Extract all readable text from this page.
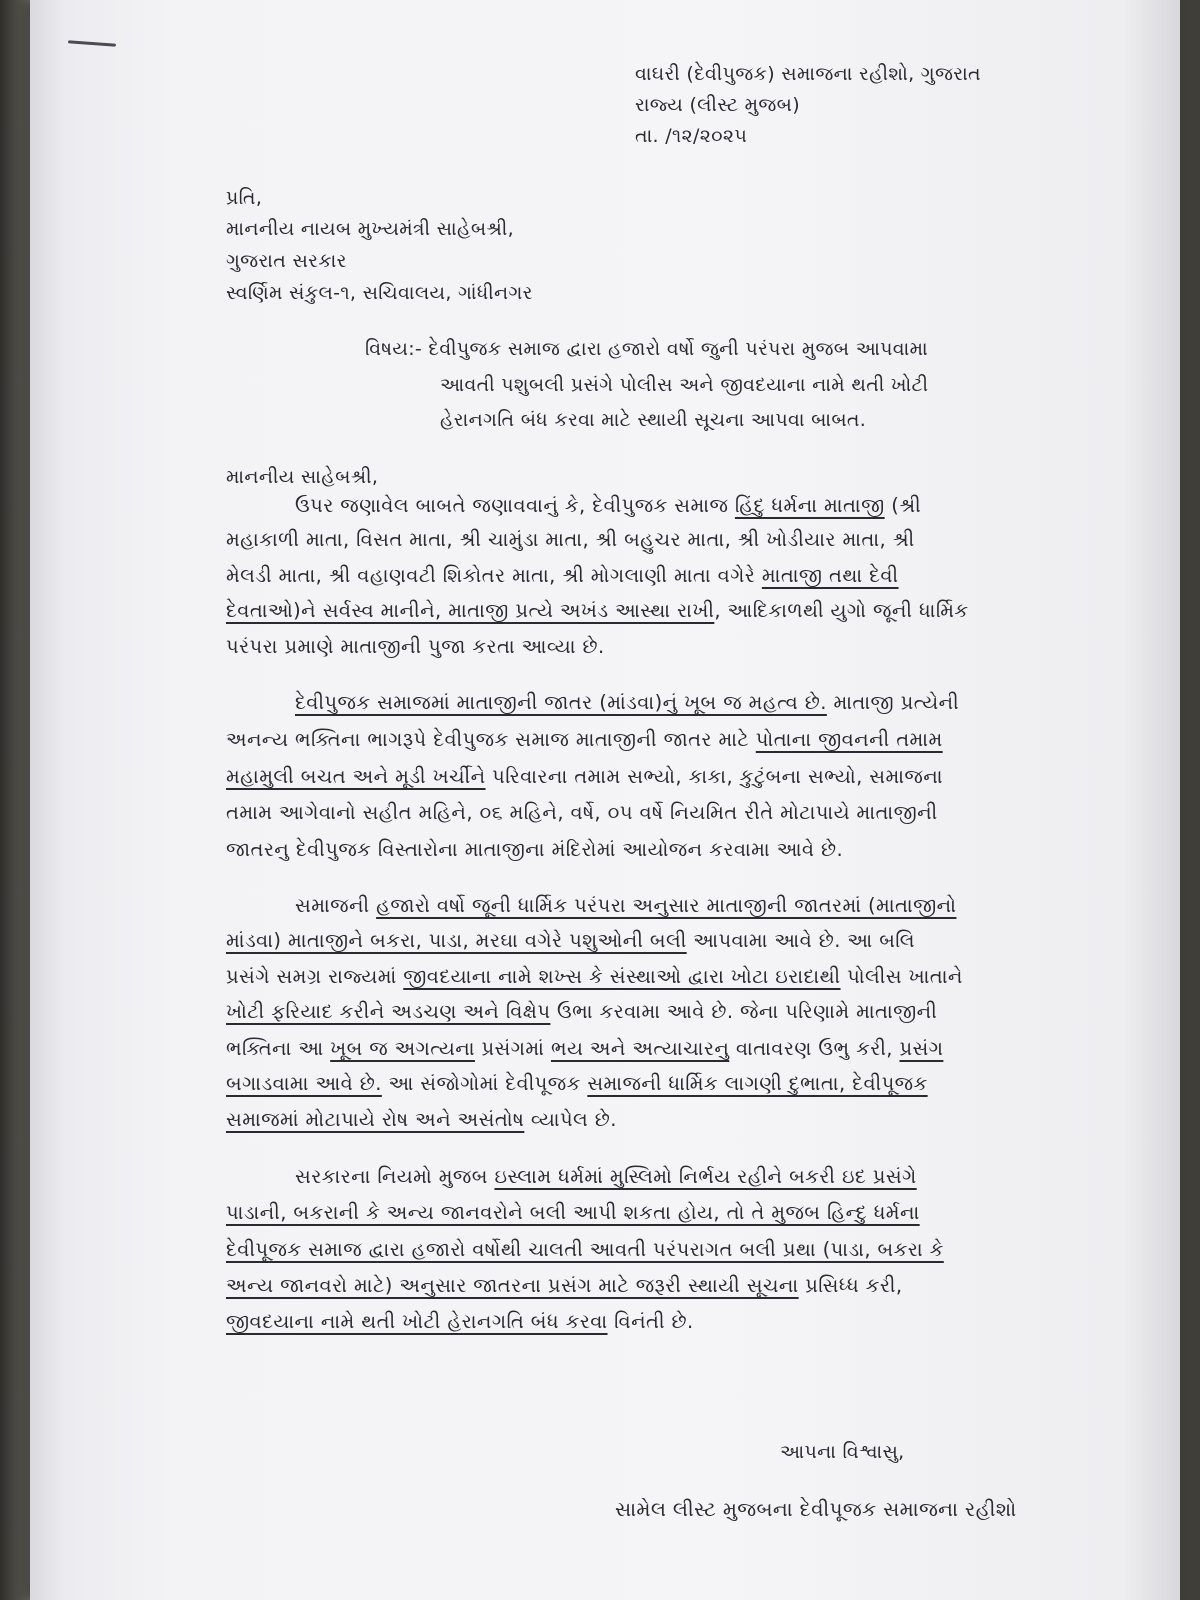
વાઘરી (દેવીપુજક) સમાજના રહીશો, ગુજરાત
રાજ્ય (લીસ્ટ મુજબ)
તા. /૧૨/૨૦૨૫
પ્રતિ,
માનનીય નાયબ મુખ્યમંત્રી સાહેબશ્રી,
ગુજરાત સરકાર
સ્વર્ણિમ સંકુલ-૧, સચિવાલય, ગાંધીનગર
વિષય:- દેવીપુજક સમાજ દ્વારા હજારો વર્ષો જુની પરંપરા મુજબ આપવામા
આવતી પશુબલી પ્રસંગે પોલીસ અને જીવદયાના નામે થતી ખોટી
હેરાનગતિ બંધ કરવા માટે સ્થાયી સૂચના આપવા બાબત.
માનનીય સાહેબશ્રી,
ઉપર જણાવેલ બાબતે જણાવવાનું કે, દેવીપુજક સમાજ હિંદુ ધર્મના માતાજી (શ્રી
મહાકાળી માતા, વિસત માતા, શ્રી ચામુંડા માતા, શ્રી બહુચર માતા, શ્રી ખોડીયાર માતા, શ્રી
મેલડી માતા, શ્રી વહાણવટી શિકોતર માતા, શ્રી મોગલાણી માતા વગેરે માતાજી તથા દેવી
દેવતાઓ)ને સર્વસ્વ માનીને, માતાજી પ્રત્યે અખંડ આસ્થા રાખી, આદિકાળથી યુગો જૂની ધાર્મિક
પરંપરા પ્રમાણે માતાજીની પુજા કરતા આવ્યા છે.
દેવીપુજક સમાજમાં માતાજીની જાતર (માંડવા)નું ખૂબ જ મહત્વ છે. માતાજી પ્રત્યેની
અનન્ય ભક્તિના ભાગરૂપે દેવીપુજક સમાજ માતાજીની જાતર માટે પોતાના જીવનની તમામ
મહામુલી બચત અને મૂડી ખર્ચીને પરિવારના તમામ સભ્યો, કાકા, કુટુંબના સભ્યો, સમાજના
તમામ આગેવાનો સહીત મહિને, ૦૬ મહિને, વર્ષે, ૦૫ વર્ષે નિયમિત રીતે મોટાપાયે માતાજીની
જાતરનુ દેવીપુજક વિસ્તારોના માતાજીના મંદિરોમાં આયોજન કરવામા આવે છે.
સમાજની હજારો વર્ષો જૂની ધાર્મિક પરંપરા અનુસાર માતાજીની જાતરમાં (માતાજીનો
માંડવા) માતાજીને બકરા, પાડા, મરઘા વગેરે પશુઓની બલી આપવામા આવે છે. આ બલિ
પ્રસંગે સમગ્ર રાજ્યમાં જીવદયાના નામે શખ્સ કે સંસ્થાઓ દ્વારા ખોટા ઇરાદાથી પોલીસ ખાતાને
ખોટી ફરિયાદ કરીને અડચણ અને વિક્ષેપ ઉભા કરવામા આવે છે. જેના પરિણામે માતાજીની
ભક્તિના આ ખૂબ જ અગત્યના પ્રસંગમાં ભય અને અત્યાચારનુ વાતાવરણ ઉભુ કરી, પ્રસંગ
બગાડવામા આવે છે. આ સંજોગોમાં દેવીપૂજક સમાજની ધાર્મિક લાગણી દુભાતા, દેવીપૂજક
સમાજમાં મોટાપાયે રોષ અને અસંતોષ વ્યાપેલ છે.
સરકારના નિયમો મુજબ ઇસ્લામ ધર્મમાં મુસ્લિમો નિર્ભય રહીને બકરી ઇદ પ્રસંગે
પાડાની, બકરાની કે અન્ય જાનવરોને બલી આપી શકતા હોય, તો તે મુજબ હિન્દુ ધર્મના
દેવીપૂજક સમાજ દ્વારા હજારો વર્ષોથી ચાલતી આવતી પરંપરાગત બલી પ્રથા (પાડા, બકરા કે
અન્ય જાનવરો માટે) અનુસાર જાતરના પ્રસંગ માટે જરૂરી સ્થાયી સૂચના પ્રસિધ્ધ કરી,
જીવદયાના નામે થતી ખોટી હેરાનગતિ બંધ કરવા વિનંતી છે.
આપના વિશ્વાસુ,
સામેલ લીસ્ટ મુજબના દેવીપૂજક સમાજના રહીશો
